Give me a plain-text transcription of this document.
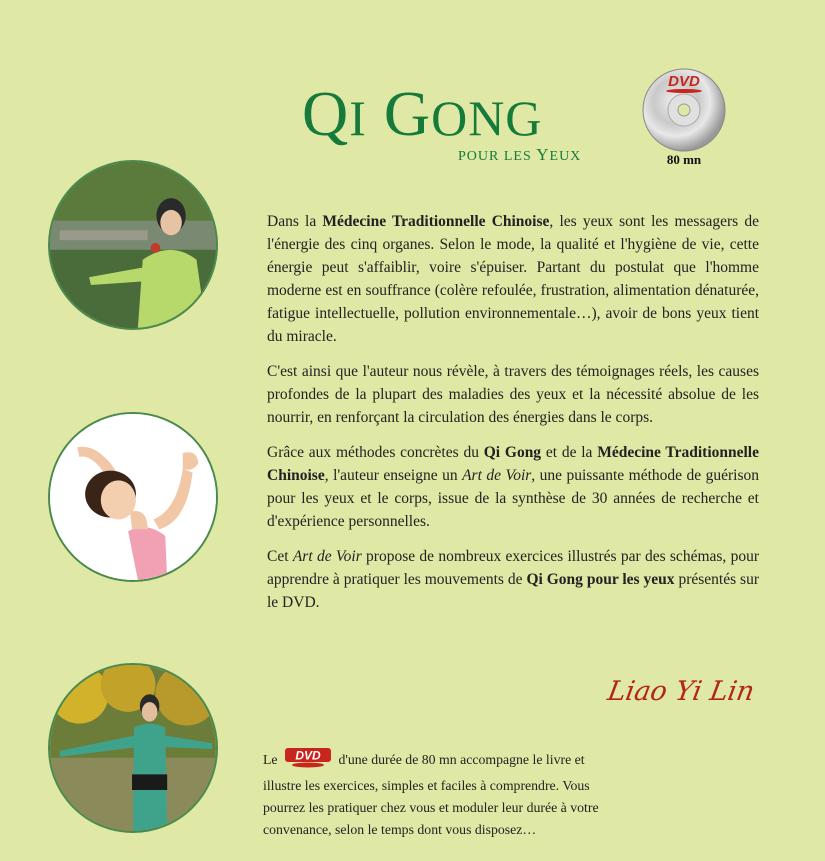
QI GONG
POUR LES YEUX
DVD
80 mn

Dans la Médecine Traditionnelle Chinoise, les yeux sont les messagers de l'énergie des cinq organes. Selon le mode, la qualité et l'hygiène de vie, cette énergie peut s'affaiblir, voire s'épuiser. Partant du postulat que l'homme moderne est en souffrance (colère refoulée, frustration, alimentation dénaturée, fatigue intellectuelle, pollution environnementale…), avoir de bons yeux tient du miracle.

C'est ainsi que l'auteur nous révèle, à travers des témoignages réels, les causes profondes de la plupart des maladies des yeux et la nécessité absolue de les nourrir, en renforçant la circulation des énergies dans le corps.

Grâce aux méthodes concrètes du Qi Gong et de la Médecine Traditionnelle Chinoise, l'auteur enseigne un Art de Voir, une puissante méthode de guérison pour les yeux et le corps, issue de la synthèse de 30 années de recherche et d'expérience personnelles.

Cet Art de Voir propose de nombreux exercices illustrés par des schémas, pour apprendre à pratiquer les mouvements de Qi Gong pour les yeux présentés sur le DVD.

Liao Yi Lin
Le DVD d'une durée de 80 mn accompagne le livre et illustre les exercices, simples et faciles à comprendre. Vous pourrez les pratiquer chez vous et moduler leur durée à votre convenance, selon le temps dont vous disposez…
